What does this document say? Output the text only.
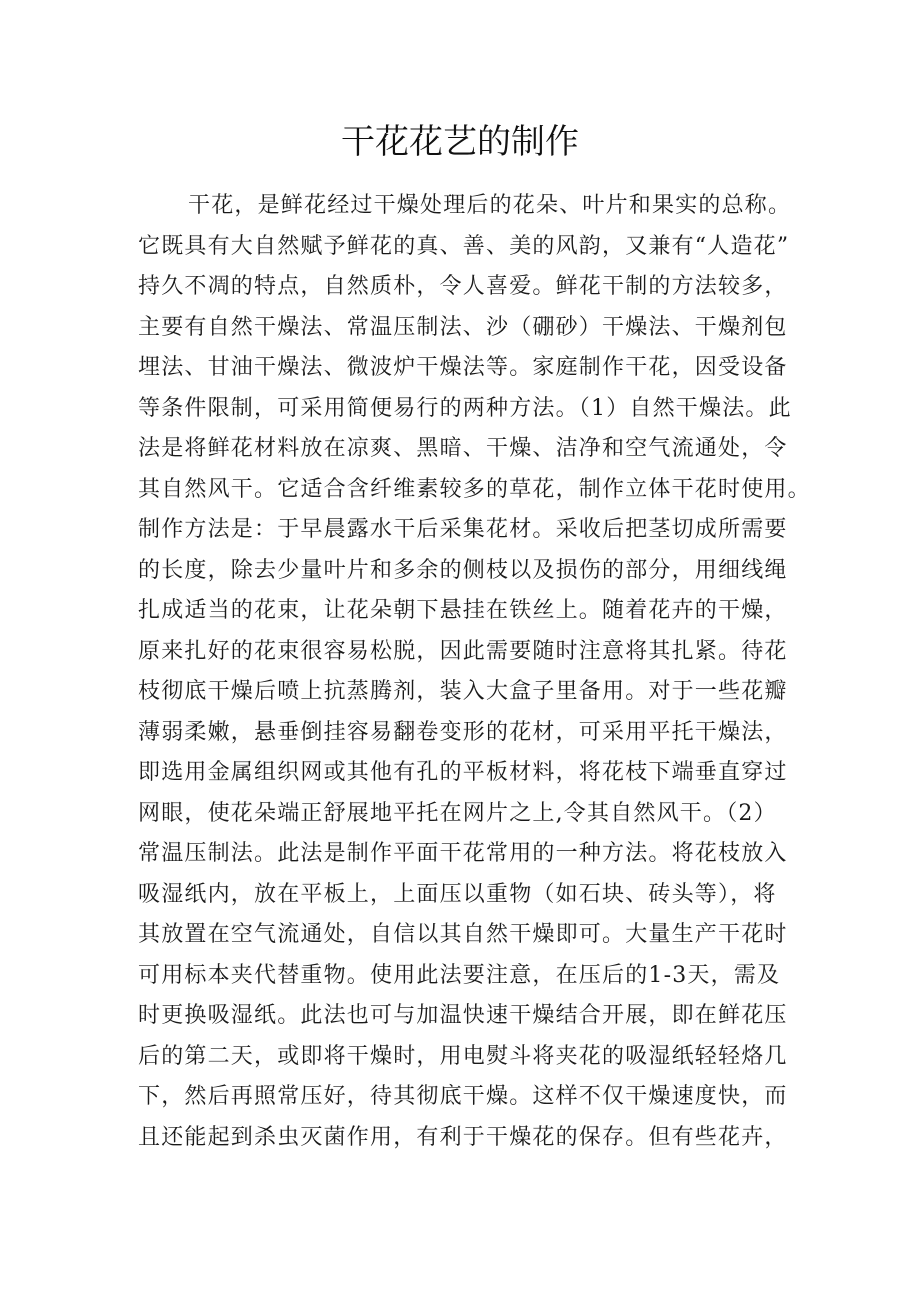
干花花艺的制作
干花，是鲜花经过干燥处理后的花朵、叶片和果实的总称。
它既具有大自然赋予鲜花的真、善、美的风韵，又兼有“人造花”
持久不凋的特点，自然质朴，令人喜爱。鲜花干制的方法较多，
主要有自然干燥法、常温压制法、沙（硼砂）干燥法、干燥剂包
埋法、甘油干燥法、微波炉干燥法等。家庭制作干花，因受设备
等条件限制，可采用简便易行的两种方法。（1）自然干燥法。此
法是将鲜花材料放在凉爽、黑暗、干燥、洁净和空气流通处，令
其自然风干。它适合含纤维素较多的草花，制作立体干花时使用。
制作方法是：于早晨露水干后采集花材。采收后把茎切成所需要
的长度，除去少量叶片和多余的侧枝以及损伤的部分，用细线绳
扎成适当的花束，让花朵朝下悬挂在铁丝上。随着花卉的干燥，
原来扎好的花束很容易松脱，因此需要随时注意将其扎紧。待花
枝彻底干燥后喷上抗蒸腾剂，装入大盒子里备用。对于一些花瓣
薄弱柔嫩，悬垂倒挂容易翻卷变形的花材，可采用平托干燥法，
即选用金属组织网或其他有孔的平板材料，将花枝下端垂直穿过
网眼，使花朵端正舒展地平托在网片之上,令其自然风干。（2）
常温压制法。此法是制作平面干花常用的一种方法。将花枝放入
吸湿纸内，放在平板上，上面压以重物（如石块、砖头等），将
其放置在空气流通处，自信以其自然干燥即可。大量生产干花时
可用标本夹代替重物。使用此法要注意，在压后的1-3天，需及
时更换吸湿纸。此法也可与加温快速干燥结合开展，即在鲜花压
后的第二天，或即将干燥时，用电熨斗将夹花的吸湿纸轻轻烙几
下，然后再照常压好，待其彻底干燥。这样不仅干燥速度快，而
且还能起到杀虫灭菌作用，有利于干燥花的保存。但有些花卉，
